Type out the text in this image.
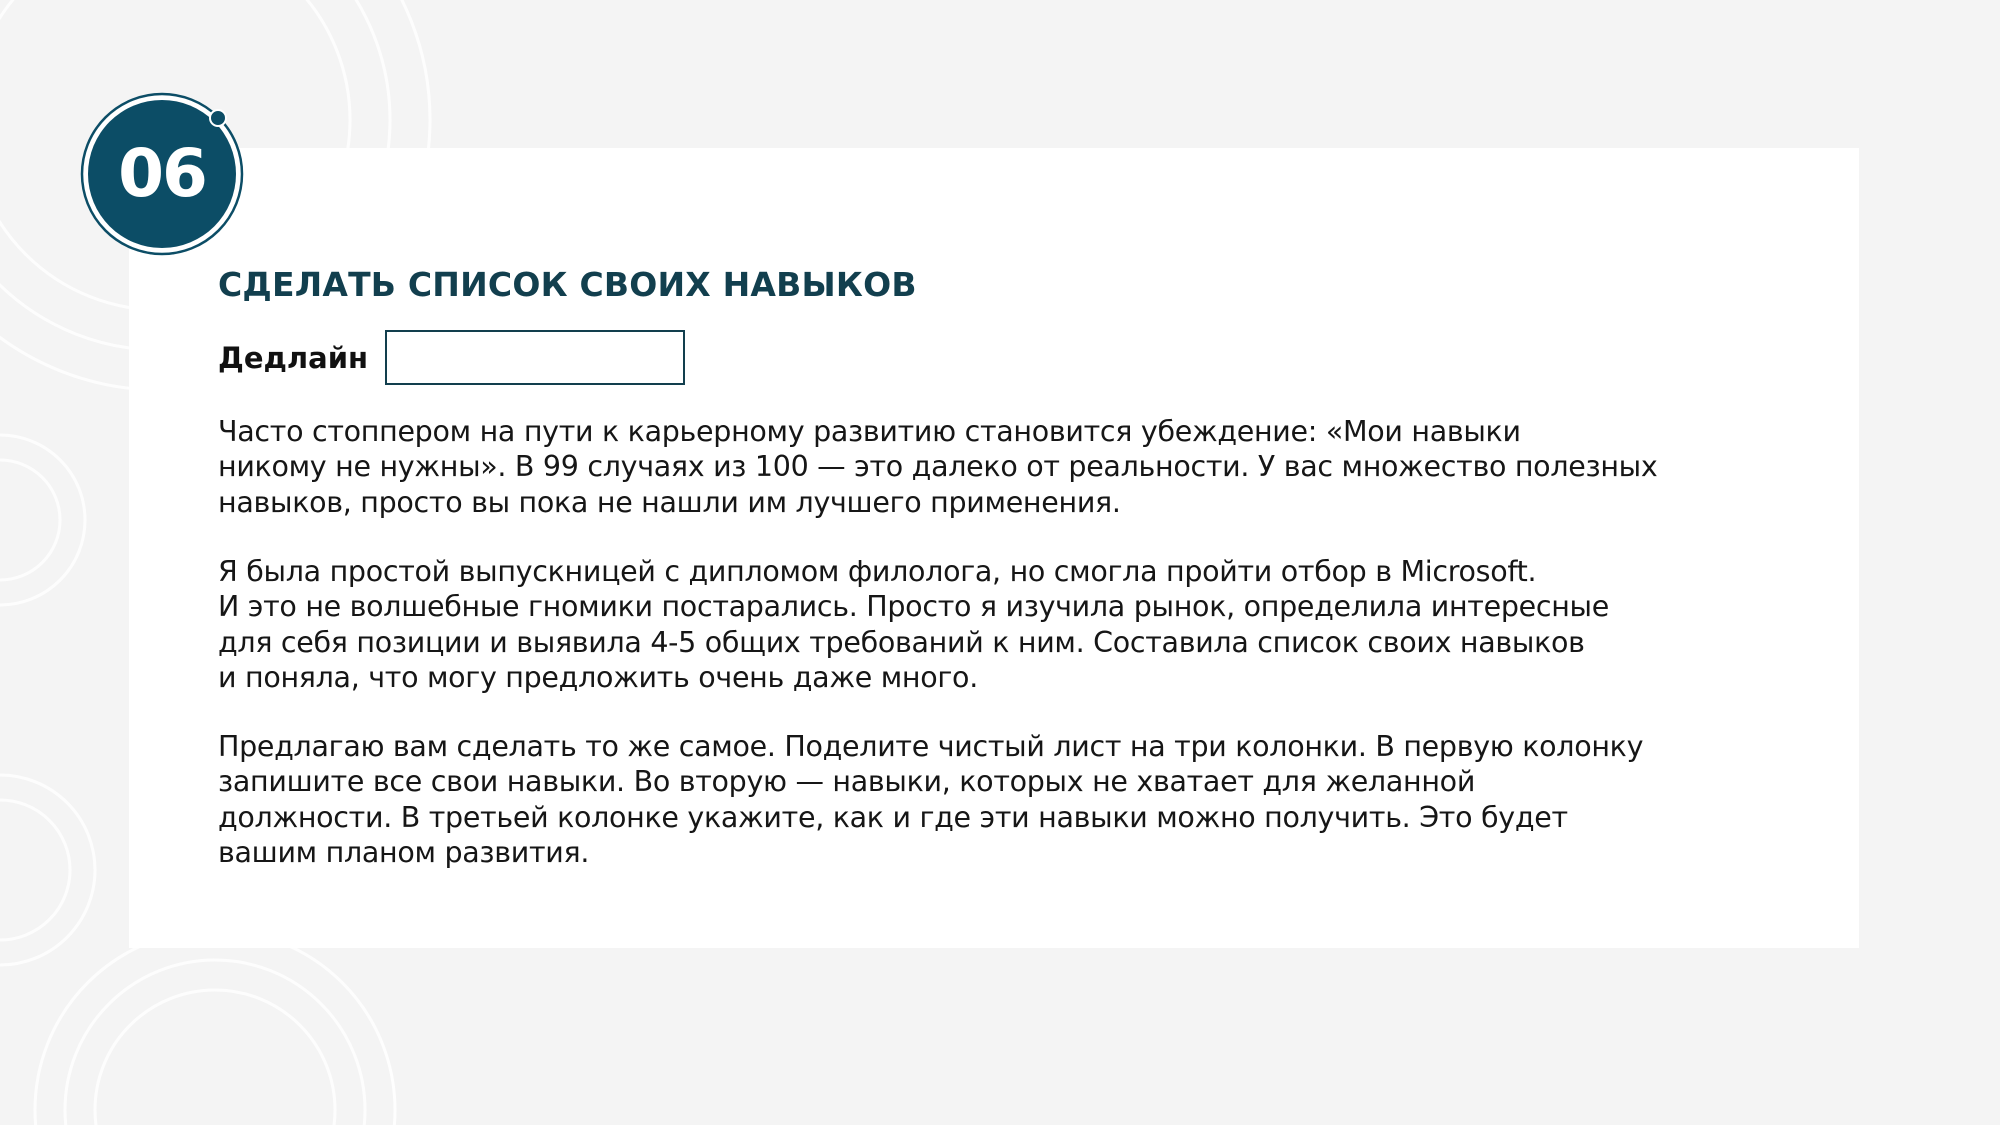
06
СДЕЛАТЬ СПИСОК СВОИХ НАВЫКОВ
Дедлайн

Часто стоппером на пути к карьерному развитию становится убеждение: «Мои навыки
никому не нужны». В 99 случаях из 100 — это далеко от реальности. У вас множество полезных
навыков, просто вы пока не нашли им лучшего применения.

Я была простой выпускницей с дипломом филолога, но смогла пройти отбор в Microsoft.
И это не волшебные гномики постарались. Просто я изучила рынок, определила интересные
для себя позиции и выявила 4-5 общих требований к ним. Составила список своих навыков
и поняла, что могу предложить очень даже много.

Предлагаю вам сделать то же самое. Поделите чистый лист на три колонки. В первую колонку
запишите все свои навыки. Во вторую — навыки, которых не хватает для желанной
должности. В третьей колонке укажите, как и где эти навыки можно получить. Это будет
вашим планом развития.
